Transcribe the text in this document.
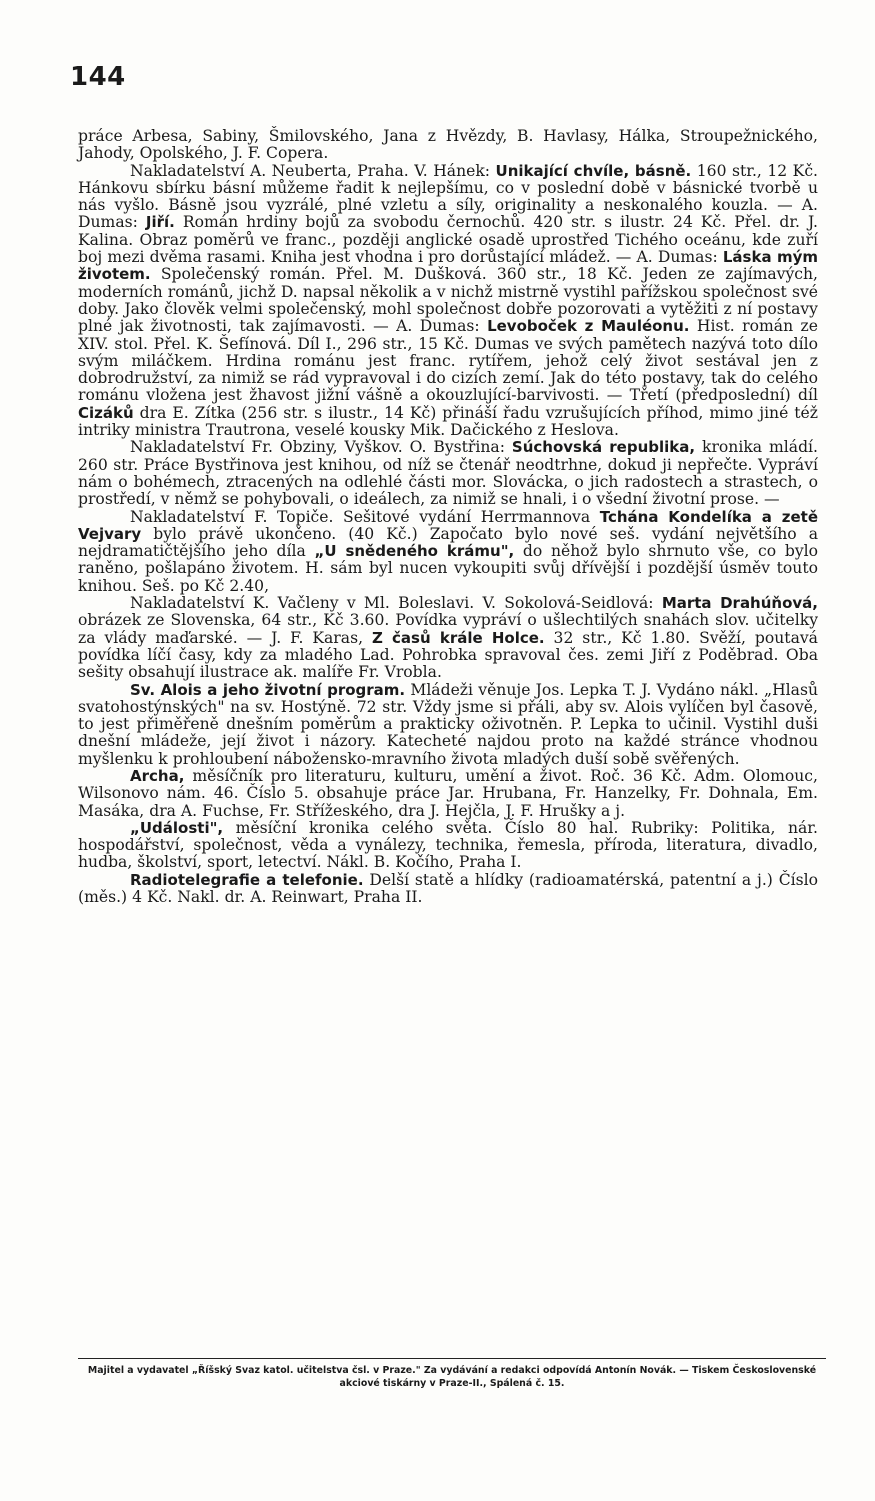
144

práce Arbesa, Sabiny, Šmilovského, Jana z Hvězdy, B. Havlasy, Hálka, Stroupežnického, Jahody, Opolského, J. F. Copera.

Nakladatelství A. Neuberta, Praha. V. Hánek: Unikající chvíle, básně. 160 str., 12 Kč. Hánkovu sbírku básní můžeme řadit k nejlepšímu, co v poslední době v básnické tvorbě u nás vyšlo. Básně jsou vyzrálé, plné vzletu a síly, originality a neskonalého kouzla. — A. Dumas: Jiří. Román hrdiny bojů za svobodu černochů. 420 str. s ilustr. 24 Kč. Přel. dr. J. Kalina. Obraz poměrů ve franc., později anglické osadě uprostřed Tichého oceánu, kde zuří boj mezi dvěma rasami. Kniha jest vhodna i pro dorůstající mládež. — A. Dumas: Láska mým životem. Společenský román. Přel. M. Dušková. 360 str., 18 Kč. Jeden ze zajímavých, moderních románů, jichž D. napsal několik a v nichž mistrně vystihl pařížskou společnost své doby. Jako člověk velmi společenský, mohl společnost dobře pozorovati a vytěžiti z ní postavy plné jak životnosti, tak zajímavosti. — A. Dumas: Levoboček z Mauléonu. Hist. román ze XIV. stol. Přel. K. Šefínová. Díl I., 296 str., 15 Kč. Dumas ve svých pamětech nazývá toto dílo svým miláčkem. Hrdina románu jest franc. rytířem, jehož celý život sestával jen z dobrodružství, za nimiž se rád vypravoval i do cizích zemí. Jak do této postavy, tak do celého románu vložena jest žhavost jižní vášně a okouzlující-barvivosti. — Třetí (předposlední) díl Cizáků dra E. Zítka (256 str. s ilustr., 14 Kč) přináší řadu vzrušujících příhod, mimo jiné též intriky ministra Trautrona, veselé kousky Mik. Dačického z Heslova.

Nakladatelství Fr. Obziny, Vyškov. O. Bystřina: Súchovská republika, kronika mládí. 260 str. Práce Bystřinova jest knihou, od níž se čtenář neodtrhne, dokud ji nepřečte. Vypráví nám o bohémech, ztracených na odlehlé části mor. Slovácka, o jich radostech a strastech, o prostředí, v němž se pohybovali, o ideálech, za nimiž se hnali, i o všední životní prose. —

Nakladatelství F. Topiče. Sešitové vydání Herrmannova Tchána Kondelíka a zetě Vejvary bylo právě ukončeno. (40 Kč.) Započato bylo nové seš. vydání největšího a nejdramatičtějšího jeho díla „U snědeného krámu", do něhož bylo shrnuto vše, co bylo raněno, pošlapáno životem. H. sám byl nucen vykoupiti svůj dřívější i pozdější úsměv touto knihou. Seš. po Kč 2.40,

Nakladatelství K. Vačleny v Ml. Boleslavi. V. Sokolová-Seidlová: Marta Drahúňová, obrázek ze Slovenska, 64 str., Kč 3.60. Povídka vypráví o ušlechtilých snahách slov. učitelky za vlády maďarské. — J. F. Karas, Z časů krále Holce. 32 str., Kč 1.80. Svěží, poutavá povídka líčí časy, kdy za mladého Lad. Pohrobka spravoval čes. zemi Jiří z Poděbrad. Oba sešity obsahují ilustrace ak. malíře Fr. Vrobla.

Sv. Alois a jeho životní program. Mládeži věnuje Jos. Lepka T. J. Vydáno nákl. „Hlasů svatohostýnských" na sv. Hostýně. 72 str. Vždy jsme si přáli, aby sv. Alois vylíčen byl časově, to jest přiměřeně dnešním poměrům a prakticky oživotněn. P. Lepka to učinil. Vystihl duši dnešní mládeže, její život i názory. Katecheté najdou proto na každé stránce vhodnou myšlenku k prohloubení nábožensko-mravního života mladých duší sobě svěřených.

Archa, měsíčník pro literaturu, kulturu, umění a život. Roč. 36 Kč. Adm. Olomouc, Wilsonovo nám. 46. Číslo 5. obsahuje práce Jar. Hrubana, Fr. Hanzelky, Fr. Dohnala, Em. Masáka, dra A. Fuchse, Fr. Střížeského, dra J. Hejčla, J. F. Hrušky a j.

„Události", měsíční kronika celého světa. Číslo 80 hal. Rubriky: Politika, nár. hospodářství, společnost, věda a vynálezy, technika, řemesla, příroda, literatura, divadlo, hudba, školství, sport, letectví. Nákl. B. Kočího, Praha I.

Radiotelegrafie a telefonie. Delší statě a hlídky (radioamatérská, patentní a j.) Číslo (měs.) 4 Kč. Nakl. dr. A. Reinwart, Praha II.

Majitel a vydavatel „Říšský Svaz katol. učitelstva čsl. v Praze." Za vydávání a redakci odpovídá Antonín Novák. — Tiskem Československé akciové tiskárny v Praze-II., Spálená č. 15.
